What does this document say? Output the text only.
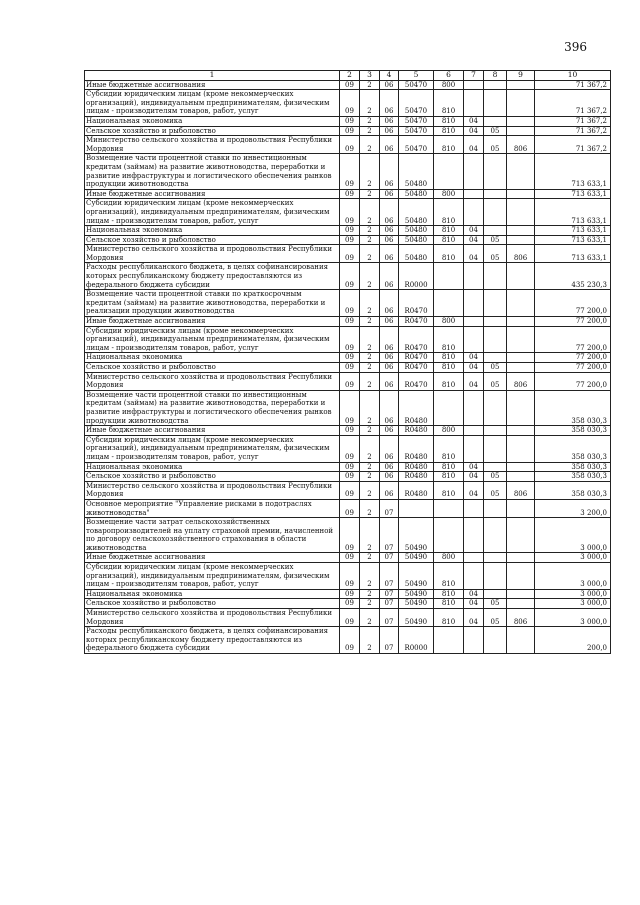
396
1	2	3	4	5	6	7	8	9	10
Иные бюджетные ассигнования	09	2	06	50470	800				71 367,2
Субсидии юридическим лицам (кроме некоммерческих организаций), индивидуальным предпринимателям, физическим лицам - производителям товаров, работ, услуг	09	2	06	50470	810				71 367,2
Национальная экономика	09	2	06	50470	810	04			71 367,2
Сельское хозяйство и рыболовство	09	2	06	50470	810	04	05		71 367,2
Министерство сельского хозяйства и продовольствия Республики Мордовия	09	2	06	50470	810	04	05	806	71 367,2
Возмещение части процентной ставки по инвестиционным кредитам (займам) на развитие животноводства, переработки и развитие инфраструктуры и логистического обеспечения рынков продукции животноводства	09	2	06	50480					713 633,1
Иные бюджетные ассигнования	09	2	06	50480	800				713 633,1
Субсидии юридическим лицам (кроме некоммерческих организаций), индивидуальным предпринимателям, физическим лицам - производителям товаров, работ, услуг	09	2	06	50480	810				713 633,1
Национальная экономика	09	2	06	50480	810	04			713 633,1
Сельское хозяйство и рыболовство	09	2	06	50480	810	04	05		713 633,1
Министерство сельского хозяйства и продовольствия Республики Мордовия	09	2	06	50480	810	04	05	806	713 633,1
Расходы республиканского бюджета, в целях софинансирования которых республиканскому бюджету предоставляются из федерального бюджета субсидии	09	2	06	R0000					435 230,3
Возмещение части процентной ставки по краткосрочным кредитам (займам) на развитие животноводства, переработки и реализации продукции животноводства	09	2	06	R0470					77 200,0
Иные бюджетные ассигнования	09	2	06	R0470	800				77 200,0
Субсидии юридическим лицам (кроме некоммерческих организаций), индивидуальным предпринимателям, физическим лицам - производителям товаров, работ, услуг	09	2	06	R0470	810				77 200,0
Национальная экономика	09	2	06	R0470	810	04			77 200,0
Сельское хозяйство и рыболовство	09	2	06	R0470	810	04	05		77 200,0
Министерство сельского хозяйства и продовольствия Республики Мордовия	09	2	06	R0470	810	04	05	806	77 200,0
Возмещение части процентной ставки по инвестиционным кредитам (займам) на развитие животноводства, переработки и развитие инфраструктуры и логистического обеспечения рынков продукции животноводства	09	2	06	R0480					358 030,3
Иные бюджетные ассигнования	09	2	06	R0480	800				358 030,3
Субсидии юридическим лицам (кроме некоммерческих организаций), индивидуальным предпринимателям, физическим лицам - производителям товаров, работ, услуг	09	2	06	R0480	810				358 030,3
Национальная экономика	09	2	06	R0480	810	04			358 030,3
Сельское хозяйство и рыболовство	09	2	06	R0480	810	04	05		358 030,3
Министерство сельского хозяйства и продовольствия Республики Мордовия	09	2	06	R0480	810	04	05	806	358 030,3
Основное мероприятие "Управление рисками в подотраслях животноводства"	09	2	07						3 200,0
Возмещение части затрат сельскохозяйственных товаропроизводителей на уплату страховой премии, начисленной по договору сельскохозяйственного страхования в области животноводства	09	2	07	50490					3 000,0
Иные бюджетные ассигнования	09	2	07	50490	800				3 000,0
Субсидии юридическим лицам (кроме некоммерческих организаций), индивидуальным предпринимателям, физическим лицам - производителям товаров, работ, услуг	09	2	07	50490	810				3 000,0
Национальная экономика	09	2	07	50490	810	04			3 000,0
Сельское хозяйство и рыболовство	09	2	07	50490	810	04	05		3 000,0
Министерство сельского хозяйства и продовольствия Республики Мордовия	09	2	07	50490	810	04	05	806	3 000,0
Расходы республиканского бюджета, в целях софинансирования которых республиканскому бюджету предоставляются из федерального бюджета субсидии	09	2	07	R0000					200,0
